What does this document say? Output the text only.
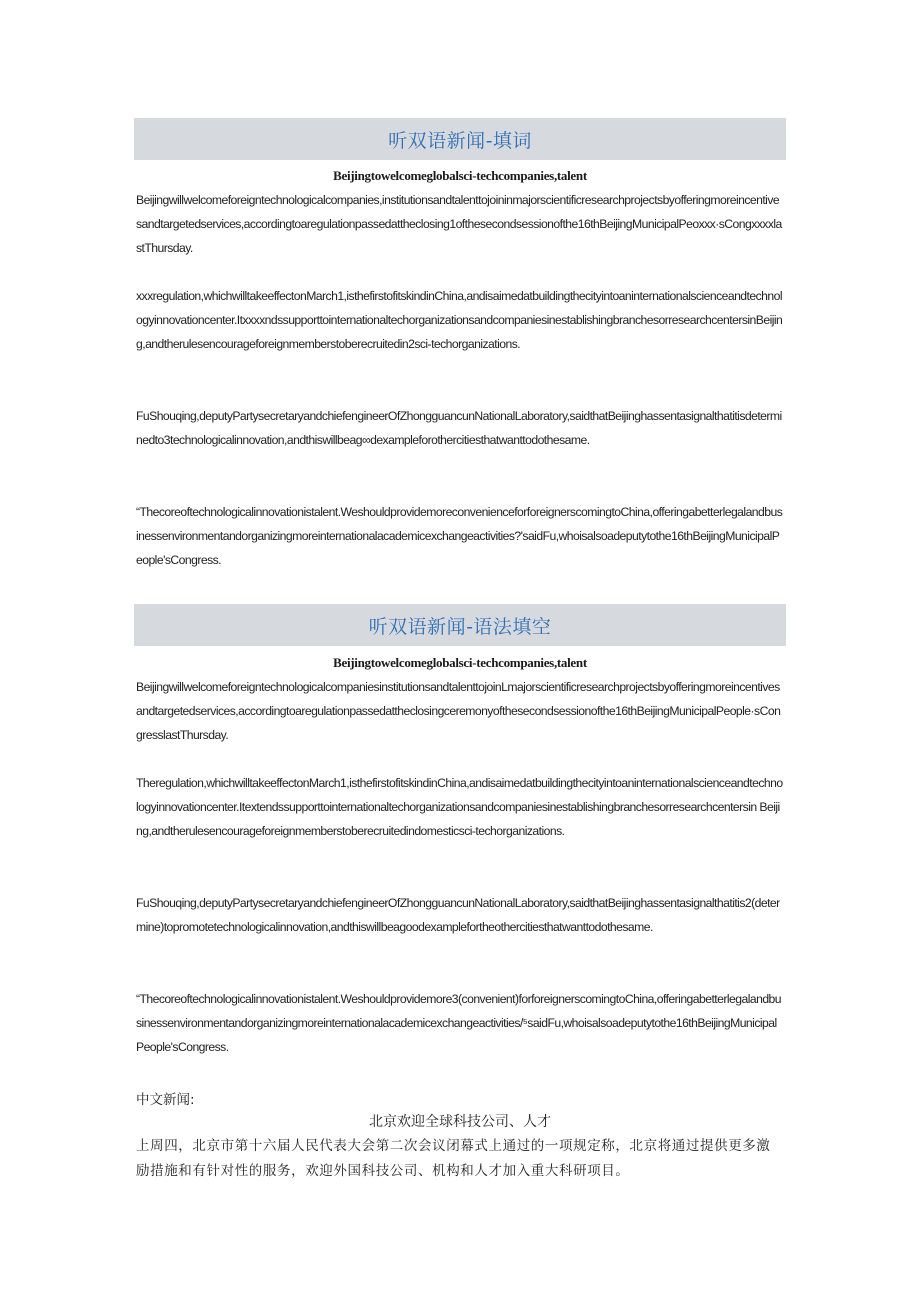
听双语新闻-填词
Beijingtowelcomeglobalsci-techcompanies,talent

Beijingwillwelcomeforeigntechnologicalcompanies,institutionsandtalenttojoininmajorscientificresearchprojectsbyofferingmoreincentivesandtargetedservices,accordingtoaregulationpassedattheclosing1ofthesecondsessionofthe16thBeijingMunicipalPeoxxx·sCongxxxxlastThursday.

xxxregulation,whichwilltakeeffectonMarch1,isthefirstofitskindinChina,andisaimedatbuildingthecityintoaninternationalscienceandtechnologyinnovationcenter.ItxxxxndssupporttointernationaltechorganizationsandcompaniesinestablishingbranchesorresearchcentersinBeijing,andtherulesencourageforeignmemberstoberecruitedin2sci-techorganizations.

FuShouqing,deputyPartysecretaryandchiefengineerOfZhongguancunNationalLaboratory,saidthatBeijinghassentasignalthatitisdeterminedto3technologicalinnovation,andthiswillbeag∞dexampleforothercitiesthatwanttodothesame.

“Thecoreoftechnologicalinnovationistalent.WeshouldprovidemoreconvenienceforforeignerscomingtoChina,offeringabetterlegalandbusinessenvironmentandorganizingmoreinternationalacademicexchangeactivities?'saidFu,whoisalsoadeputytothe16thBeijingMunicipalPeople'sCongress.

听双语新闻-语法填空
Beijingtowelcomeglobalsci-techcompanies,talent

BeijingwillwelcomeforeigntechnologicalcompaniesinstitutionsandtalenttojoinLmajorscientificresearchprojectsbyofferingmoreincentivesandtargetedservices,accordingtoaregulationpassedattheclosingceremonyofthesecondsessionofthe16thBeijingMunicipalPeople·sCongresslastThursday.

Theregulation,whichwilltakeeffectonMarch1,isthefirstofitskindinChina,andisaimedatbuildingthecityintoaninternationalscienceandtechnologyinnovationcenter.Itextendssupporttointernationaltechorganizationsandcompaniesinestablishingbranchesorresearchcentersin Beijing,andtherulesencourageforeignmemberstoberecruitedindomesticsci-techorganizations.

FuShouqing,deputyPartysecretaryandchiefengineerOfZhongguancunNationalLaboratory,saidthatBeijinghassentasignalthatitis2(determine)topromotetechnologicalinnovation,andthiswillbeagoodexamplefortheothercitiesthatwanttodothesame.

“Thecoreoftechnologicalinnovationistalent.Weshouldprovidemore3(convenient)forforeignerscomingtoChina,offeringabetterlegalandbusinessenvironmentandorganizingmoreinternationalacademicexchangeactivities/⁵saidFu,whoisalsoadeputytothe16thBeijingMunicipalPeople'sCongress.

中文新闻:
北京欢迎全球科技公司、人才

上周四，北京市第十六届人民代表大会第二次会议闭幕式上通过的一项规定称，北京将通过提供更多激励措施和有针对性的服务，欢迎外国科技公司、机构和人才加入重大科研项目。
